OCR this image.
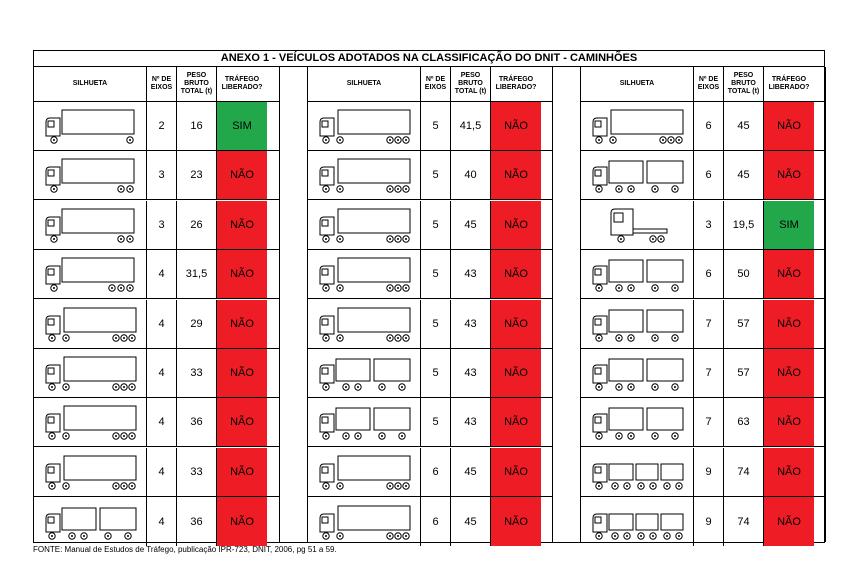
ANEXO 1 - VEÍCULOS ADOTADOS NA CLASSIFICAÇÃO DO DNIT - CAMINHÕES
SILHUETA
Nº DE EIXOS
PESO BRUTO TOTAL (t)
TRÁFEGO LIBERADO?
2	16	SIM
3	23	NÃO
3	26	NÃO
4	31,5	NÃO
4	29	NÃO
4	33	NÃO
4	36	NÃO
4	33	NÃO
4	36	NÃO
SILHUETA
Nº DE EIXOS
PESO BRUTO TOTAL (t)
TRÁFEGO LIBERADO?
5	41,5	NÃO
5	40	NÃO
5	45	NÃO
5	43	NÃO
5	43	NÃO
5	43	NÃO
5	43	NÃO
6	45	NÃO
6	45	NÃO
SILHUETA
Nº DE EIXOS
PESO BRUTO TOTAL (t)
TRÁFEGO LIBERADO?
6	45	NÃO
6	45	NÃO
3	19,5	SIM
6	50	NÃO
7	57	NÃO
7	57	NÃO
7	63	NÃO
9	74	NÃO
9	74	NÃO
FONTE: Manual de Estudos de Tráfego, publicação IPR-723, DNIT, 2006, pg 51 a 59.
